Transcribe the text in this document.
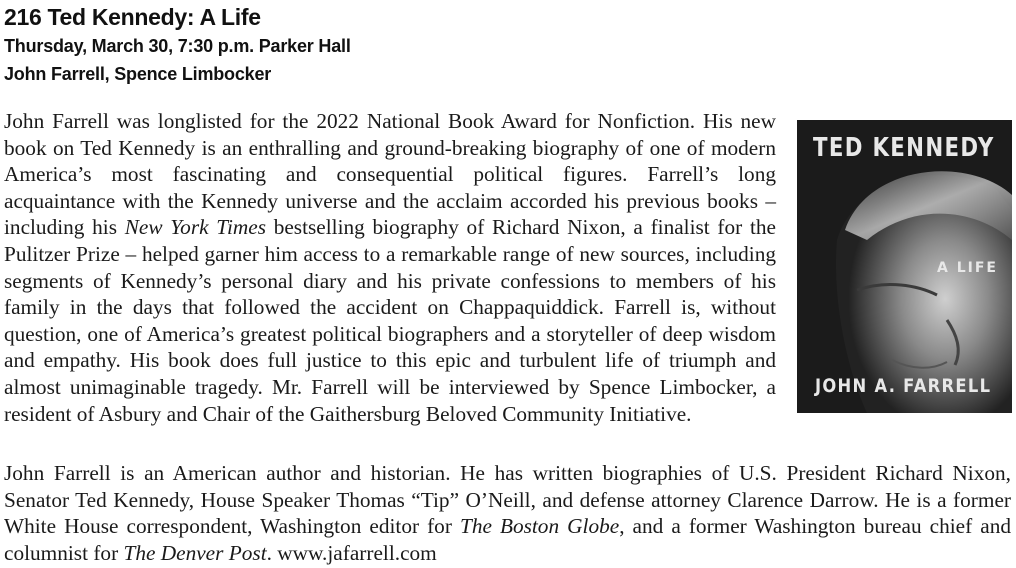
216 Ted Kennedy: A Life
Thursday, March 30, 7:30 p.m. Parker Hall
John Farrell, Spence Limbocker

John Farrell was longlisted for the 2022 National Book Award for Nonfiction. His new book on Ted Kennedy is an enthralling and ground-breaking biography of one of modern America’s most fascinating and consequential political figures. Farrell’s long acquaintance with the Kennedy universe and the acclaim accorded his previous books – including his New York Times bestselling biography of Richard Nixon, a finalist for the Pulitzer Prize – helped garner him access to a remarkable range of new sources, including segments of Kennedy’s personal diary and his private confessions to members of his family in the days that followed the accident on Chappaquiddick. Farrell is, without question, one of America’s greatest political biographers and a storyteller of deep wisdom and empathy. His book does full justice to this epic and turbulent life of triumph and almost unimaginable tragedy. Mr. Farrell will be interviewed by Spence Limbocker, a resident of Asbury and Chair of the Gaithersburg Beloved Community Initiative.

TED KENNEDY
A LIFE
JOHN A. FARRELL

John Farrell is an American author and historian. He has written biographies of U.S. President Richard Nixon, Senator Ted Kennedy, House Speaker Thomas “Tip” O’Neill, and defense attorney Clarence Darrow. He is a former White House correspondent, Washington editor for The Boston Globe, and a former Washington bureau chief and columnist for The Denver Post. www.jafarrell.com
